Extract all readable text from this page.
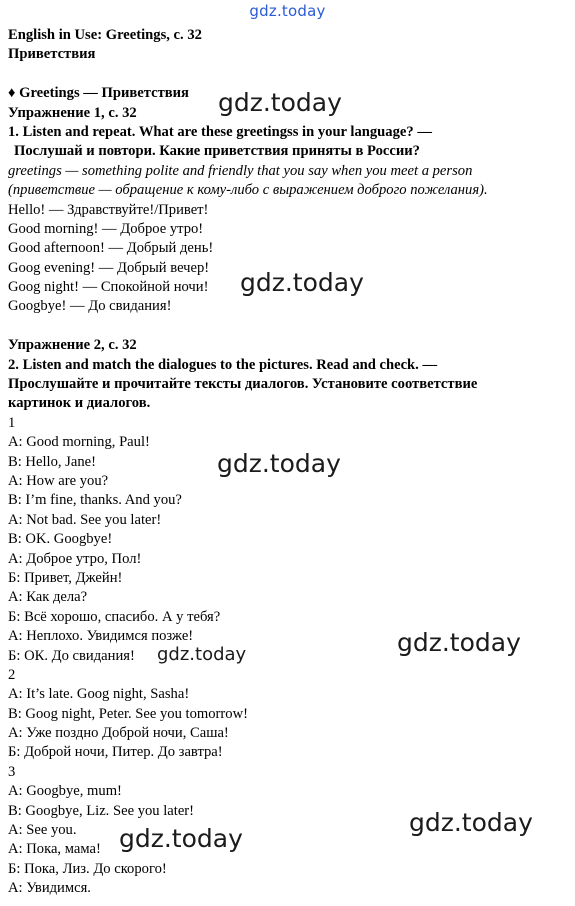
gdz.today
English in Use: Greetings, с. 32
Приветствия
♦ Greetings — Приветствия
Упражнение 1, с. 32
1. Listen and repeat. What are these greetingss in your language? —
Послушай и повтори. Какие приветствия приняты в России?
greetings — something polite and friendly that you say when you meet a person
(приветствие — обращение к кому-либо с выражением доброго пожелания).
Hello! — Здравствуйте!/Привет!
Good morning! — Доброе утро!
Good afternoon! — Добрый день!
Goog evening! — Добрый вечер!
Goog night! — Спокойной ночи!
Googbye! — До свидания!
Упражнение 2, с. 32
2. Listen and match the dialogues to the pictures. Read and check. —
Прослушайте и прочитайте тексты диалогов. Установите соответствие
картинок и диалогов.
1
A: Good morning, Paul!
B: Hello, Jane!
A: How are you?
B: I’m fine, thanks. And you?
A: Not bad. See you later!
B: OK. Googbye!
А: Доброе утро, Пол!
Б: Привет, Джейн!
А: Как дела?
Б: Всё хорошо, спасибо. А у тебя?
А: Неплохо. Увидимся позже!
Б: ОК. До свидания!
2
A: It’s late. Goog night, Sasha!
B: Goog night, Peter. See you tomorrow!
А: Уже поздно Доброй ночи, Саша!
Б: Доброй ночи, Питер. До завтра!
3
A: Googbye, mum!
B: Googbye, Liz. See you later!
A: See you.
А: Пока, мама!
Б: Пока, Лиз. До скорого!
А: Увидимся.
gdz.today
gdz.today
gdz.today
gdz.today
gdz.today
gdz.today
gdz.today
